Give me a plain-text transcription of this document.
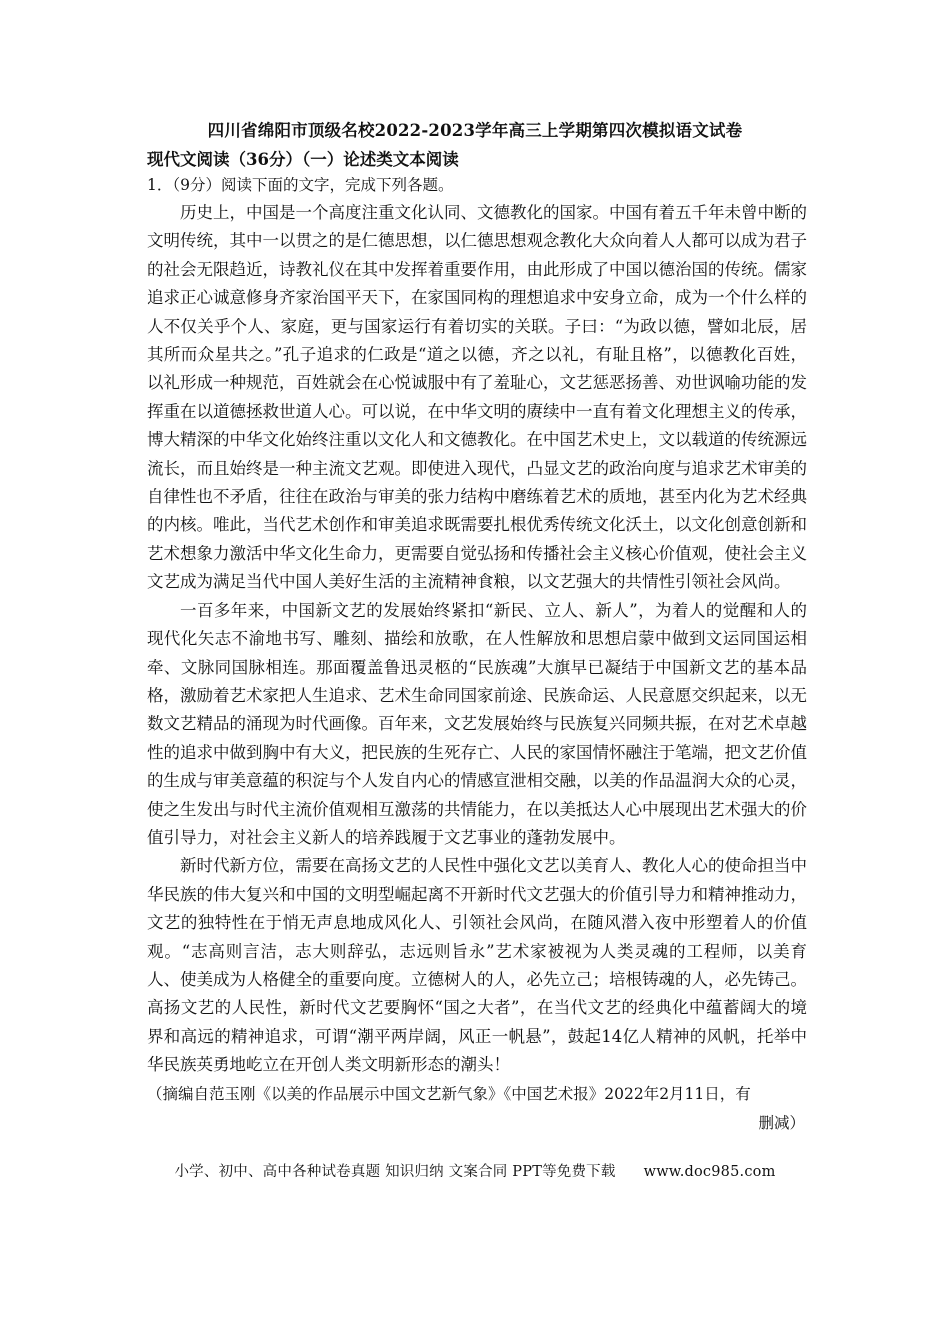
四川省绵阳市顶级名校2022-2023学年高三上学期第四次模拟语文试卷
现代文阅读（36分）（一）论述类文本阅读
1．（9分）阅读下面的文字，完成下列各题。

历史上，中国是一个高度注重文化认同、文德教化的国家。中国有着五千年未曾中断的文明传统，其中一以贯之的是仁德思想，以仁德思想观念教化大众向着人人都可以成为君子的社会无限趋近，诗教礼仪在其中发挥着重要作用，由此形成了中国以德治国的传统。儒家追求正心诚意修身齐家治国平天下，在家国同构的理想追求中安身立命，成为一个什么样的人不仅关乎个人、家庭，更与国家运行有着切实的关联。子曰：“为政以德，譬如北辰，居其所而众星共之。”孔子追求的仁政是“道之以德，齐之以礼，有耻且格”，以德教化百姓，以礼形成一种规范，百姓就会在心悦诚服中有了羞耻心，文艺惩恶扬善、劝世讽喻功能的发挥重在以道德拯救世道人心。可以说，在中华文明的赓续中一直有着文化理想主义的传承，博大精深的中华文化始终注重以文化人和文德教化。在中国艺术史上，文以载道的传统源远流长，而且始终是一种主流文艺观。即使进入现代，凸显文艺的政治向度与追求艺术审美的自律性也不矛盾，往往在政治与审美的张力结构中磨练着艺术的质地，甚至内化为艺术经典的内核。唯此，当代艺术创作和审美追求既需要扎根优秀传统文化沃土，以文化创意创新和艺术想象力激活中华文化生命力，更需要自觉弘扬和传播社会主义核心价值观，使社会主义文艺成为满足当代中国人美好生活的主流精神食粮，以文艺强大的共情性引领社会风尚。

一百多年来，中国新文艺的发展始终紧扣“新民、立人、新人”，为着人的觉醒和人的现代化矢志不渝地书写、雕刻、描绘和放歌，在人性解放和思想启蒙中做到文运同国运相牵、文脉同国脉相连。那面覆盖鲁迅灵柩的“民族魂”大旗早已凝结于中国新文艺的基本品格，激励着艺术家把人生追求、艺术生命同国家前途、民族命运、人民意愿交织起来，以无数文艺精品的涌现为时代画像。百年来，文艺发展始终与民族复兴同频共振，在对艺术卓越性的追求中做到胸中有大义，把民族的生死存亡、人民的家国情怀融注于笔端，把文艺价值的生成与审美意蕴的积淀与个人发自内心的情感宣泄相交融，以美的作品温润大众的心灵，使之生发出与时代主流价值观相互激荡的共情能力，在以美抵达人心中展现出艺术强大的价值引导力，对社会主义新人的培养践履于文艺事业的蓬勃发展中。

新时代新方位，需要在高扬文艺的人民性中强化文艺以美育人、教化人心的使命担当中华民族的伟大复兴和中国的文明型崛起离不开新时代文艺强大的价值引导力和精神推动力，文艺的独特性在于悄无声息地成风化人、引领社会风尚，在随风潜入夜中形塑着人的价值观。“志高则言洁，志大则辞弘，志远则旨永”艺术家被视为人类灵魂的工程师，以美育人、使美成为人格健全的重要向度。立德树人的人，必先立己；培根铸魂的人，必先铸己。高扬文艺的人民性，新时代文艺要胸怀“国之大者”，在当代文艺的经典化中蕴蓄阔大的境界和高远的精神追求，可谓“潮平两岸阔，风正一帆悬”，鼓起14亿人精神的风帆，托举中华民族英勇地屹立在开创人类文明新形态的潮头！

（摘编自范玉刚《以美的作品展示中国文艺新气象》《中国艺术报》2022年2月11日，有

删减）

小学、初中、高中各种试卷真题 知识归纳 文案合同 PPT等免费下载 www.doc985.com
